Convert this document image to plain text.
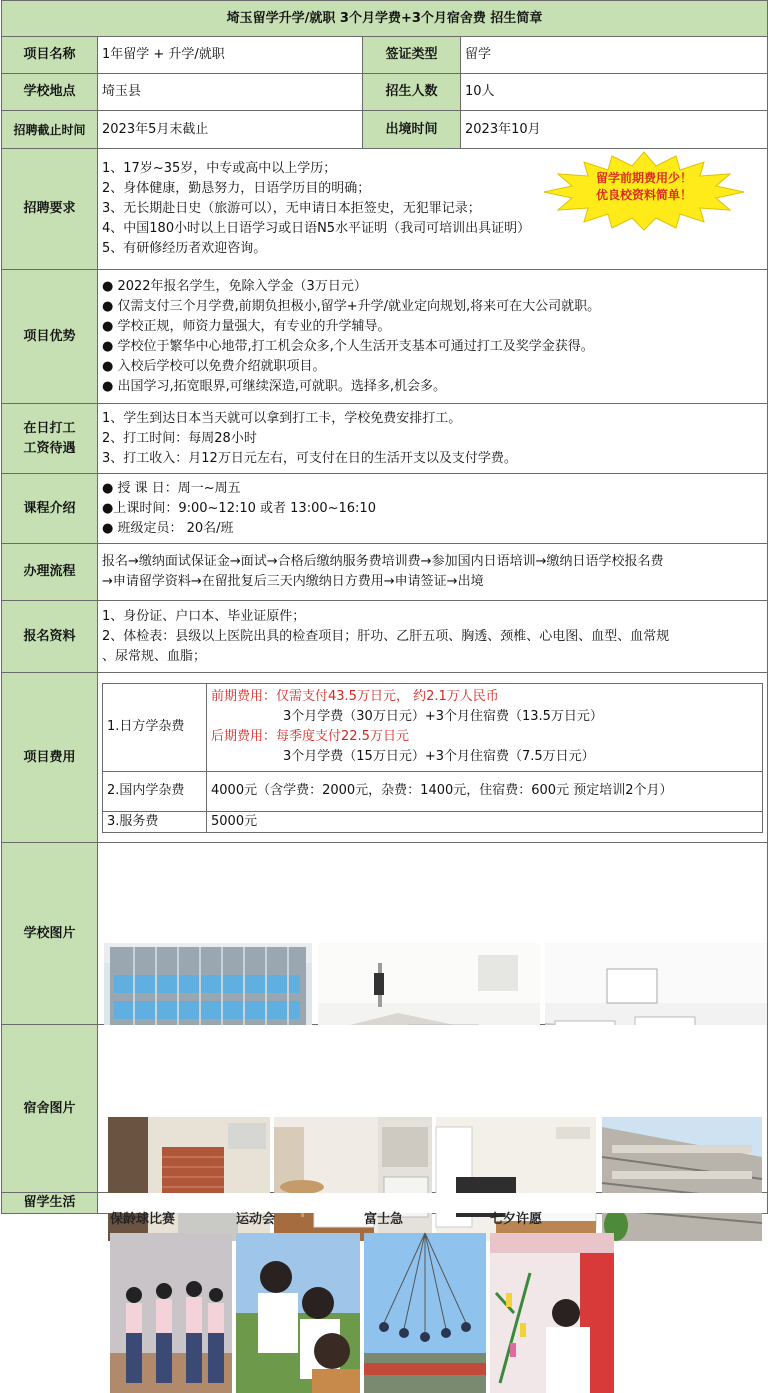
埼玉留学升学/就职 3个月学费+3个月宿舍费 招生简章
项目名称	1年留学 + 升学/就职	签证类型	留学
学校地点	埼玉县	招生人数	10人
招聘截止时间	2023年5月末截止	出境时间	2023年10月
招聘要求	
1、17岁~35岁，中专或高中以上学历；
2、身体健康，勤恳努力，日语学历目的明确；
3、无长期赴日史（旅游可以），无申请日本拒签史，无犯罪记录；
4、中国180小时以上日语学习或日语N5水平证明（我司可培训出具证明）
5、有研修经历者欢迎咨询。

项目优势	
● 2022年报名学生，免除入学金（3万日元）
● 仅需支付三个月学费,前期负担极小,留学+升学/就业定向规划,将来可在大公司就职。
● 学校正规，师资力量强大，有专业的升学辅导。
● 学校位于繁华中心地带,打工机会众多,个人生活开支基本可通过打工及奖学金获得。
● 入校后学校可以免费介绍就职项目。
● 出国学习,拓宽眼界,可继续深造,可就职。选择多,机会多。

在日打工
工资待遇

1、学生到达日本当天就可以拿到打工卡，学校免费安排打工。
2、打工时间：每周28小时
3、打工收入：月12万日元左右，可支付在日的生活开支以及支付学费。

课程介绍	
● 授 课 日：周一~周五
●上课时间：9:00~12:10 或者 13:00~16:10
● 班级定员： 20名/班

办理流程	
报名→缴纳面试保证金→面试→合格后缴纳服务费培训费→参加国内日语培训→缴纳日语学校报名费
→申请留学资料→在留批复后三天内缴纳日方费用→申请签证→出境

报名资料	
1、身份证、户口本、毕业证原件；
2、体检表：县级以上医院出具的检查项目；肝功、乙肝五项、胸透、颈椎、心电图、血型、血常规
、尿常规、血脂；

项目费用	
1.日方学杂费	
前期费用：仅需支付43.5万日元， 约2.1万人民币
3个月学费（30万日元）+3个月住宿费（13.5万日元）
后期费用：每季度支付22.5万日元
3个月学费（15万日元）+3个月住宿费（7.5万日元）

2.国内学杂费	4000元（含学费：2000元，杂费：1400元，住宿费：600元 预定培训2个月）
3.服务费	5000元

学校图片	

宿舍图片	

留学生活	
保龄球比赛	运动会	富士急	七夕许愿
留学前期费用少！
优良校资料简单！
